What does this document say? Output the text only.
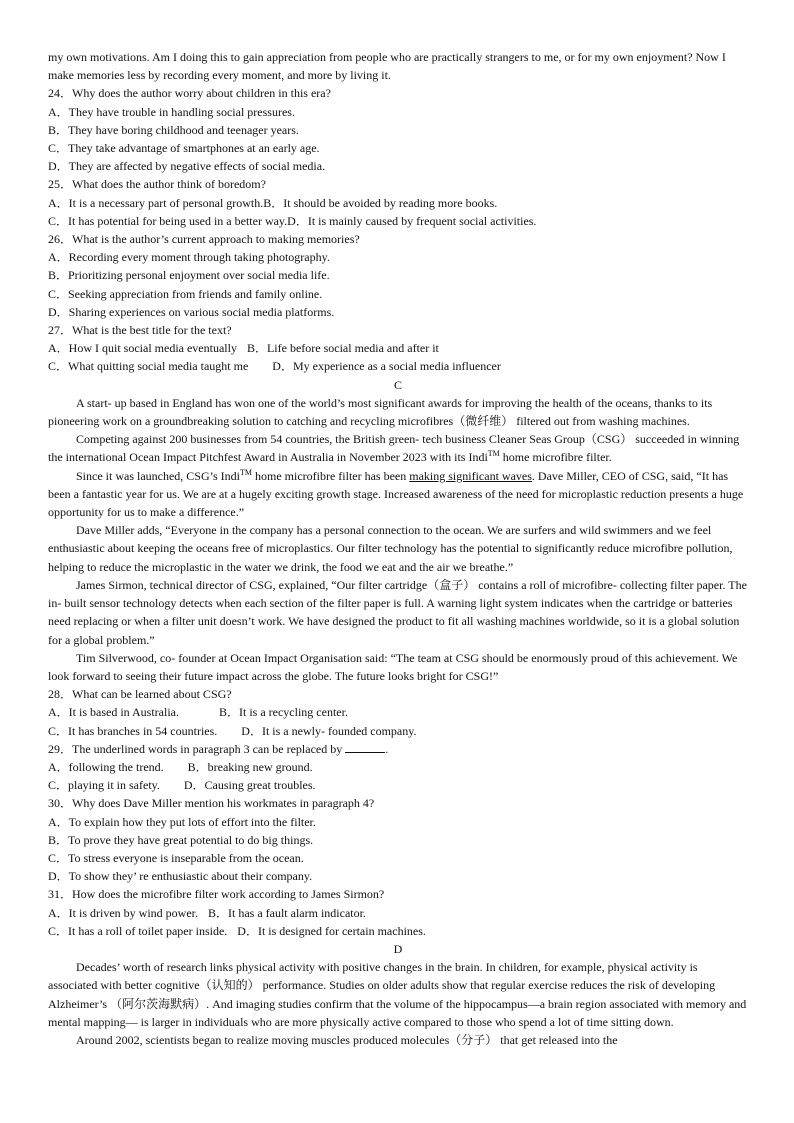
my own motivations. Am I doing this to gain appreciation from people who are practically strangers to me, or for my own enjoyment? Now I make memories less by recording every moment, and more by living it.

24．Why does the author worry about children in this era?

A．They have trouble in handling social pressures.

B．They have boring childhood and teenager years.

C．They take advantage of smartphones at an early age.

D．They are affected by negative effects of social media.

25．What does the author think of boredom?

A．It is a necessary part of personal growth.B．It should be avoided by reading more books.

C．It has potential for being used in a better way.D．It is mainly caused by frequent social activities.

26．What is the author’s current approach to making memories?

A．Recording every moment through taking photography.

B．Prioritizing personal enjoyment over social media life.

C．Seeking appreciation from friends and family online.

D．Sharing experiences on various social media platforms.

27．What is the best title for the text?

A．How I quit social media eventually B．Life before social media and after it

C．What quitting social media taught me D．My experience as a social media influencer

C

A start- up based in England has won one of the world’s most significant awards for improving the health of the oceans, thanks to its pioneering work on a groundbreaking solution to catching and recycling microfibres（微纤维） filtered out from washing machines.

Competing against 200 businesses from 54 countries, the British green- tech business Cleaner Seas Group（CSG） succeeded in winning the international Ocean Impact Pitchfest Award in Australia in November 2023 with its Indi™ home microfibre filter.

Since it was launched, CSG’s Indi™ home microfibre filter has been making significant waves. Dave Miller, CEO of CSG, said, “It has been a fantastic year for us. We are at a hugely exciting growth stage. Increased awareness of the need for microplastic reduction presents a huge opportunity for us to make a difference.”

Dave Miller adds, “Everyone in the company has a personal connection to the ocean. We are surfers and wild swimmers and we feel enthusiastic about keeping the oceans free of microplastics. Our filter technology has the potential to significantly reduce microfibre pollution, helping to reduce the microplastic in the water we drink, the food we eat and the air we breathe.”

James Sirmon, technical director of CSG, explained, “Our filter cartridge（盒子） contains a roll of microfibre- collecting filter paper. The in- built sensor technology detects when each section of the filter paper is full. A warning light system indicates when the cartridge or batteries need replacing or when a filter unit doesn’t work. We have designed the product to fit all washing machines worldwide, so it is a global solution for a global problem.”

Tim Silverwood, co- founder at Ocean Impact Organisation said: “The team at CSG should be enormously proud of this achievement. We look forward to seeing their future impact across the globe. The future looks bright for CSG!”

28．What can be learned about CSG?

A．It is based in Australia.	B．It is a recycling center.

C．It has branches in 54 countries. D．It is a newly- founded company.

29．The underlined words in paragraph 3 can be replaced by	.

A．following the trend. B．breaking new ground.

C．playing it in safety. D．Causing great troubles.

30．Why does Dave Miller mention his workmates in paragraph 4?

A．To explain how they put lots of effort into the filter.

B．To prove they have great potential to do big things.

C．To stress everyone is inseparable from the ocean.

D．To show they’ re enthusiastic about their company.

31．How does the microfibre filter work according to James Sirmon?

A．It is driven by wind power. B．It has a fault alarm indicator.

C．It has a roll of toilet paper inside. D．It is designed for certain machines.

D

Decades’ worth of research links physical activity with positive changes in the brain. In children, for example, physical activity is associated with better cognitive（认知的） performance. Studies on older adults show that regular exercise reduces the risk of developing Alzheimer’s （阿尔茨海默病）. And imaging studies confirm that the volume of the hippocampus—a brain region associated with memory and mental mapping— is larger in individuals who are more physically active compared to those who spend a lot of time sitting down.

Around 2002, scientists began to realize moving muscles produced molecules（分子） that get released into the
